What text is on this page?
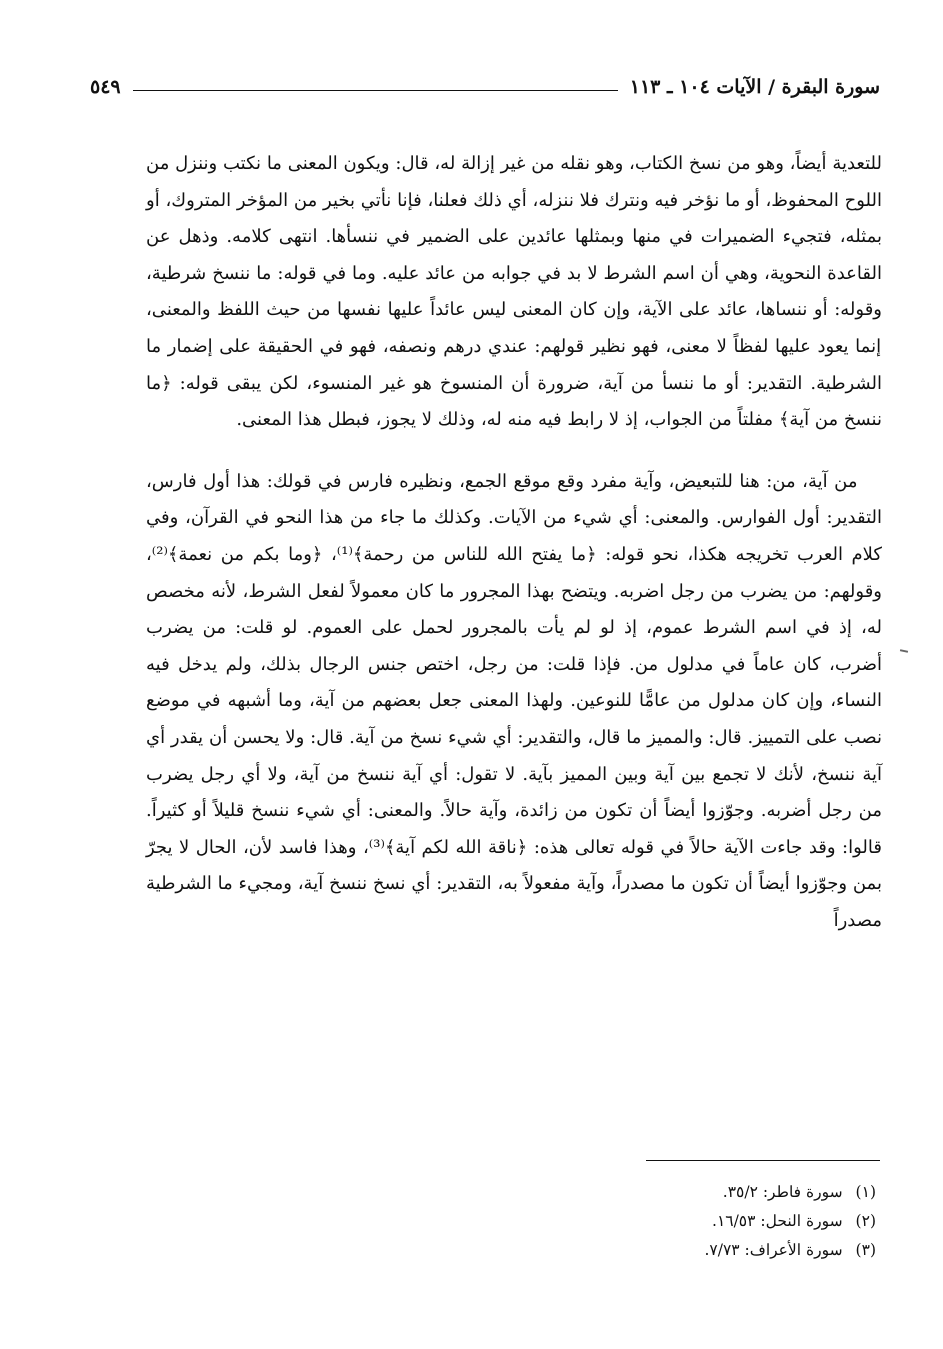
سورة البقرة / الآيات ١٠٤ ـ ١١٣
٥٤٩

للتعدية أيضاً، وهو من نسخ الكتاب، وهو نقله من غير إزالة له، قال: ويكون المعنى ما نكتب وننزل من اللوح المحفوظ، أو ما نؤخر فيه ونترك فلا ننزله، أي ذلك فعلنا، فإنا نأتي بخير من المؤخر المتروك، أو بمثله، فتجيء الضميرات في منها وبمثلها عائدين على الضمير في ننسأها. انتهى كلامه. وذهل عن القاعدة النحوية، وهي أن اسم الشرط لا بد في جوابه من عائد عليه. وما في قوله: ما ننسخ شرطية، وقوله: أو ننساها، عائد على الآية، وإن كان المعنى ليس عائداً عليها نفسها من حيث اللفظ والمعنى، إنما يعود عليها لفظاً لا معنى، فهو نظير قولهم: عندي درهم ونصفه، فهو في الحقيقة على إضمار ما الشرطية. التقدير: أو ما ننسأ من آية، ضرورة أن المنسوخ هو غير المنسوء، لكن يبقى قوله: ﴿ما ننسخ من آية﴾ مفلتاً من الجواب، إذ لا رابط فيه منه له، وذلك لا يجوز، فبطل هذا المعنى.

من آية، من: هنا للتبعيض، وآية مفرد وقع موقع الجمع، ونظيره فارس في قولك: هذا أول فارس، التقدير: أول الفوارس. والمعنى: أي شيء من الآيات. وكذلك ما جاء من هذا النحو في القرآن، وفي كلام العرب تخريجه هكذا، نحو قوله: ﴿ما يفتح الله للناس من رحمة﴾⁽¹⁾، ﴿وما بكم من نعمة﴾⁽²⁾، وقولهم: من يضرب من رجل اضربه. ويتضح بهذا المجرور ما كان معمولاً لفعل الشرط، لأنه مخصص له، إذ في اسم الشرط عموم، إذ لو لم يأت بالمجرور لحمل على العموم. لو قلت: من يضرب أضرب، كان عاماً في مدلول من. فإذا قلت: من رجل، اختص جنس الرجال بذلك، ولم يدخل فيه النساء، وإن كان مدلول من عامًّا للنوعين. ولهذا المعنى جعل بعضهم من آية، وما أشبهه في موضع نصب على التمييز. قال: والمميز ما قال، والتقدير: أي شيء نسخ من آية. قال: ولا يحسن أن يقدر أي آية ننسخ، لأنك لا تجمع بين آية وبين المميز بآية. لا تقول: أي آية ننسخ من آية، ولا أي رجل يضرب من رجل أضربه. وجوّزوا أيضاً أن تكون من زائدة، وآية حالاً. والمعنى: أي شيء ننسخ قليلاً أو كثيراً. قالوا: وقد جاءت الآية حالاً في قوله تعالى هذه: ﴿ناقة الله لكم آية﴾⁽³⁾، وهذا فاسد لأن، الحال لا يجرّ بمن وجوّزوا أيضاً أن تكون ما مصدراً، وآية مفعولاً به، التقدير: أي نسخ ننسخ آية، ومجيء ما الشرطية مصدراً

(١) سورة فاطر: ٣٥/٢.
(٢) سورة النحل: ١٦/٥٣.
(٣) سورة الأعراف: ٧/٧٣.
